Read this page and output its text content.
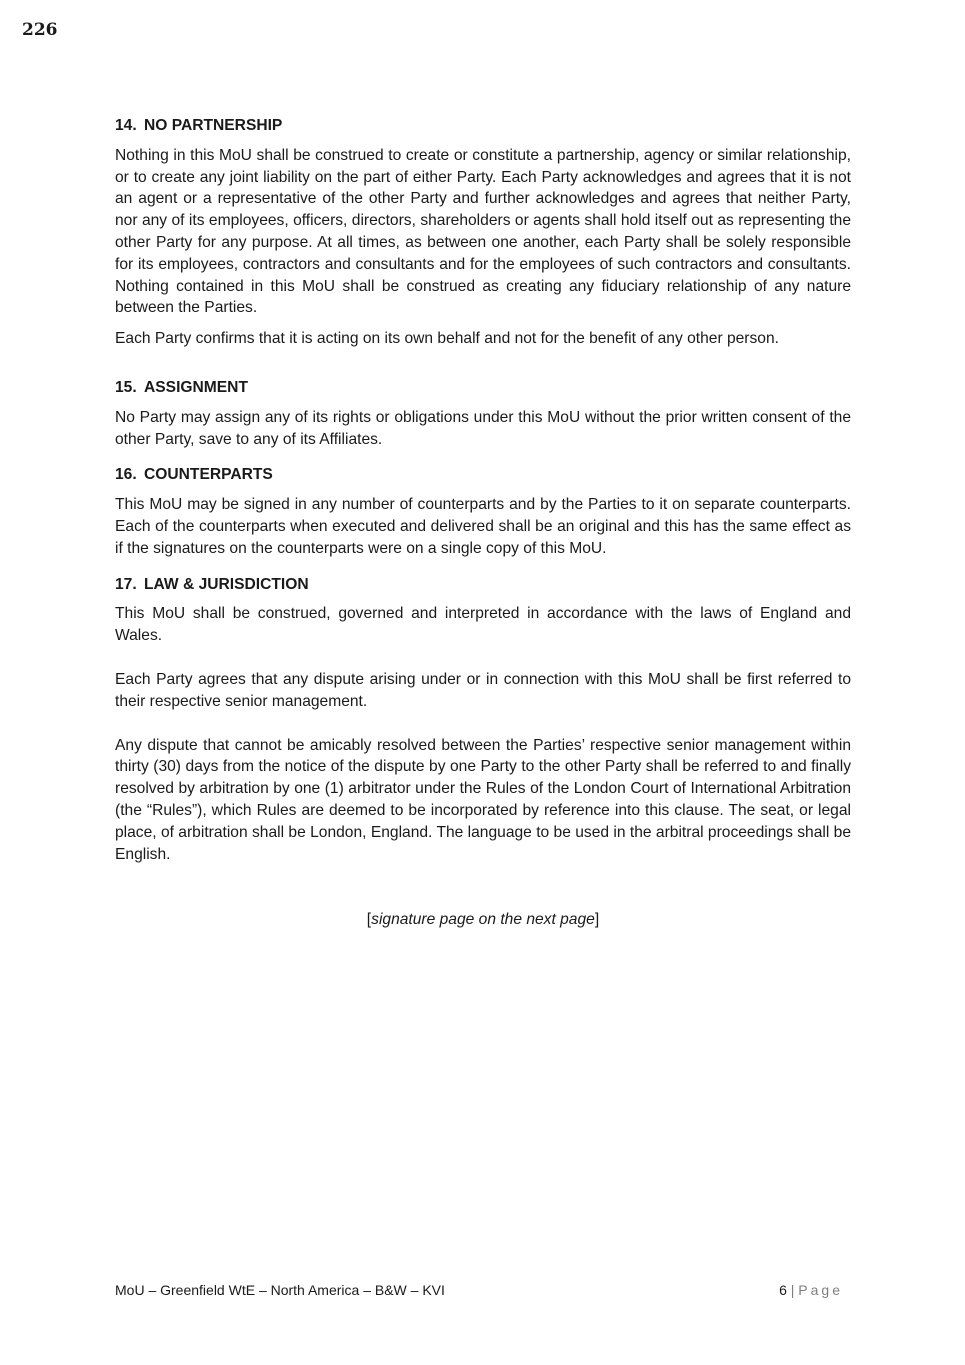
226
14. NO PARTNERSHIP

Nothing in this MoU shall be construed to create or constitute a partnership, agency or similar relationship, or to create any joint liability on the part of either Party. Each Party acknowledges and agrees that it is not an agent or a representative of the other Party and further acknowledges and agrees that neither Party, nor any of its employees, officers, directors, shareholders or agents shall hold itself out as representing the other Party for any purpose. At all times, as between one another, each Party shall be solely responsible for its employees, contractors and consultants and for the employees of such contractors and consultants. Nothing contained in this MoU shall be construed as creating any fiduciary relationship of any nature between the Parties.

Each Party confirms that it is acting on its own behalf and not for the benefit of any other person.

15. ASSIGNMENT

No Party may assign any of its rights or obligations under this MoU without the prior written consent of the other Party, save to any of its Affiliates.

16. COUNTERPARTS

This MoU may be signed in any number of counterparts and by the Parties to it on separate counterparts. Each of the counterparts when executed and delivered shall be an original and this has the same effect as if the signatures on the counterparts were on a single copy of this MoU.

17. LAW & JURISDICTION

This MoU shall be construed, governed and interpreted in accordance with the laws of England and Wales.

Each Party agrees that any dispute arising under or in connection with this MoU shall be first referred to their respective senior management.

Any dispute that cannot be amicably resolved between the Parties’ respective senior management within thirty (30) days from the notice of the dispute by one Party to the other Party shall be referred to and finally resolved by arbitration by one (1) arbitrator under the Rules of the London Court of International Arbitration (the “Rules”), which Rules are deemed to be incorporated by reference into this clause. The seat, or legal place, of arbitration shall be London, England. The language to be used in the arbitral proceedings shall be English.

[signature page on the next page]
MoU – Greenfield WtE – North America – B&W – KVI	6 | Page
